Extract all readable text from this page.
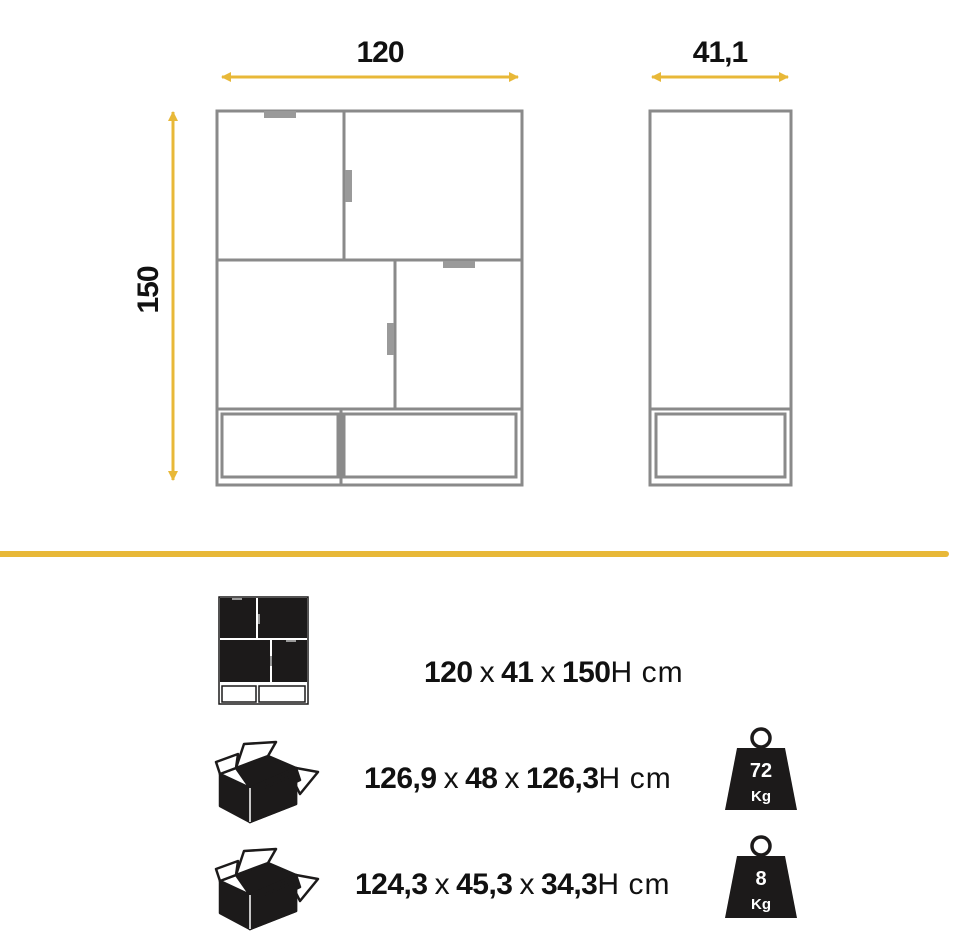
120	41,1
150
72
Kg
8
Kg
120 x 41 x 150H cm
126,9 x 48 x 126,3H cm
124,3 x 45,3 x 34,3H cm
